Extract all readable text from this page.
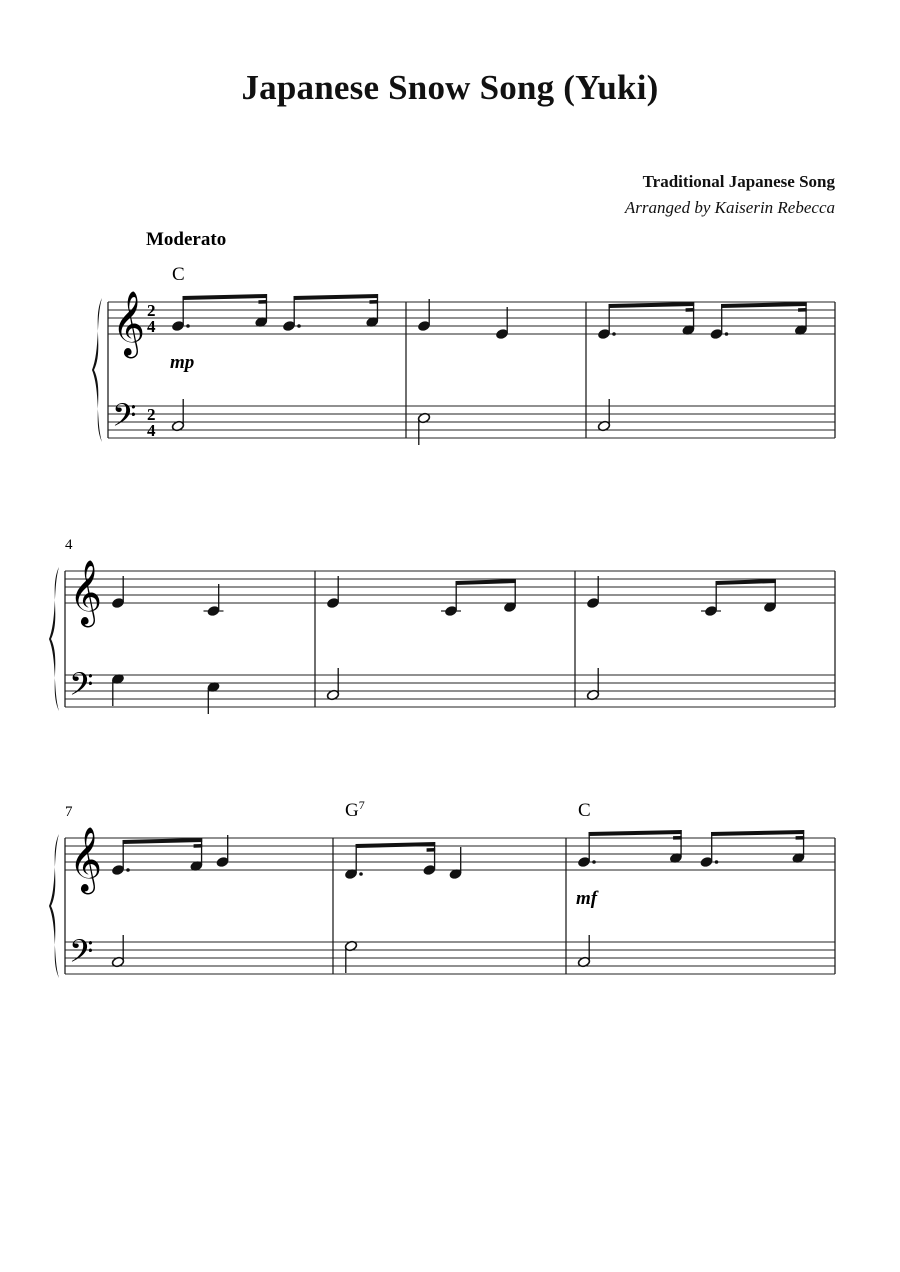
Japanese Snow Song (Yuki)
Traditional Japanese Song
Arranged by Kaiserin Rebecca
𝄞
𝄢
2
4
2
4
C
mp
Moderato
𝄞
𝄢
4
𝄞
𝄢
7	$G^7$	C
mf
